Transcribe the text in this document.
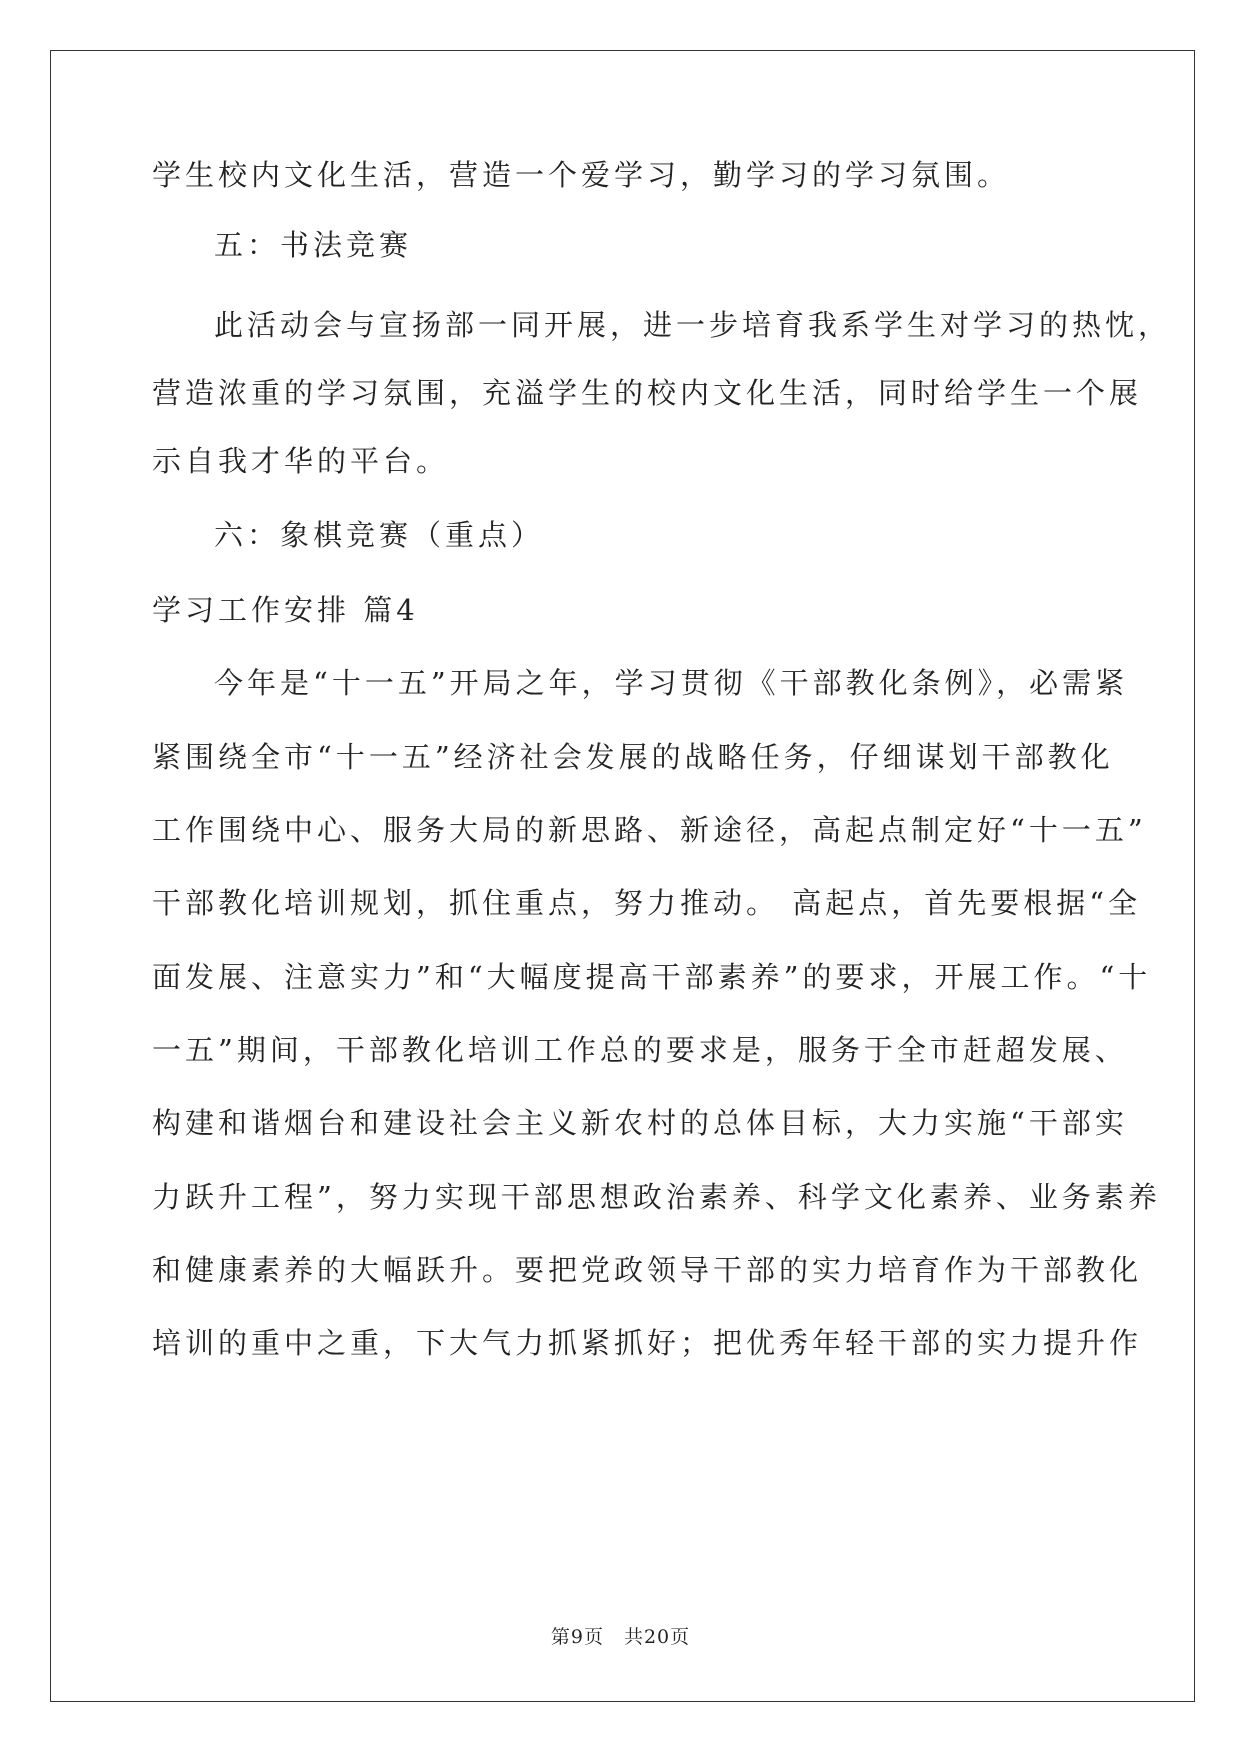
学生校内文化生活，营造一个爱学习，勤学习的学习氛围。
五：书法竞赛
此活动会与宣扬部一同开展，进一步培育我系学生对学习的热忱，
营造浓重的学习氛围，充溢学生的校内文化生活，同时给学生一个展
示自我才华的平台。
六：象棋竞赛（重点）
学习工作安排 篇4
今年是“十一五”开局之年，学习贯彻《干部教化条例》，必需紧
紧围绕全市“十一五”经济社会发展的战略任务，仔细谋划干部教化
工作围绕中心、服务大局的新思路、新途径，高起点制定好“十一五”
干部教化培训规划，抓住重点，努力推动。 高起点，首先要根据“全
面发展、注意实力”和“大幅度提高干部素养”的要求，开展工作。“十
一五”期间，干部教化培训工作总的要求是，服务于全市赶超发展、
构建和谐烟台和建设社会主义新农村的总体目标，大力实施“干部实
力跃升工程”，努力实现干部思想政治素养、科学文化素养、业务素养
和健康素养的大幅跃升。要把党政领导干部的实力培育作为干部教化
培训的重中之重，下大气力抓紧抓好；把优秀年轻干部的实力提升作
第9页　共20页
